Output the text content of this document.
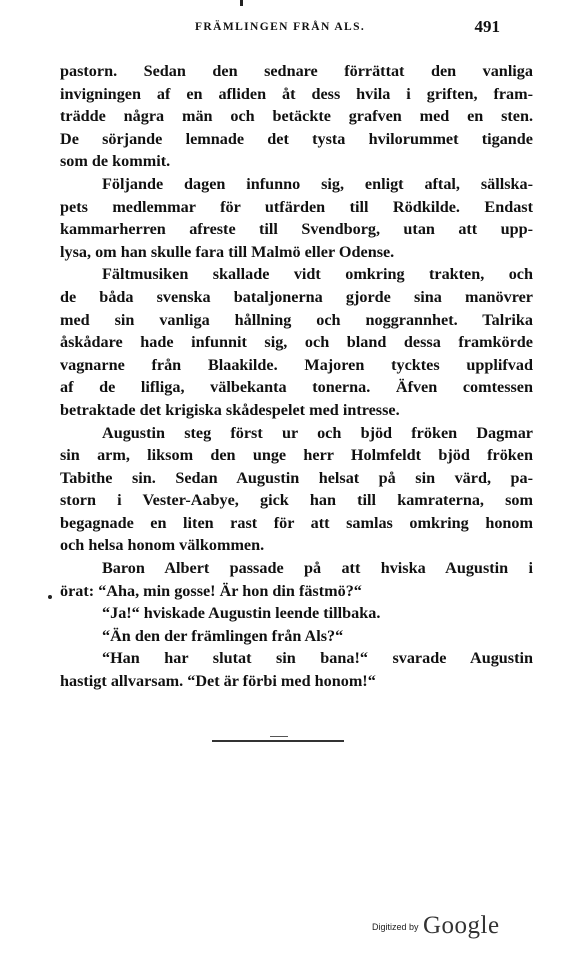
FRÄMLINGEN FRÅN ALS.	491
pastorn. Sedan den sednare förrättat den vanliga
invigningen af en afliden åt dess hvila i griften, fram-
trädde några män och betäckte grafven med en sten.
De sörjande lemnade det tysta hvilorummet tigande
som de kommit.
Följande dagen infunno sig, enligt aftal, sällska-
pets medlemmar för utfärden till Rödkilde. Endast
kammarherren afreste till Svendborg, utan att upp-
lysa, om han skulle fara till Malmö eller Odense.
Fältmusiken skallade vidt omkring trakten, och
de båda svenska bataljonerna gjorde sina manövrer
med sin vanliga hållning och noggrannhet. Talrika
åskådare hade infunnit sig, och bland dessa framkörde
vagnarne från Blaakilde. Majoren tycktes upplifvad
af de lifliga, välbekanta tonerna. Äfven comtessen
betraktade det krigiska skådespelet med intresse.
Augustin steg först ur och bjöd fröken Dagmar
sin arm, liksom den unge herr Holmfeldt bjöd fröken
Tabithe sin. Sedan Augustin helsat på sin värd, pa-
storn i Vester-Aabye, gick han till kamraterna, som
begagnade en liten rast för att samlas omkring honom
och helsa honom välkommen.
Baron Albert passade på att hviska Augustin i
örat: “Aha, min gosse! Är hon din fästmö?“
“Ja!“ hviskade Augustin leende tillbaka.
“Än den der främlingen från Als?“
“Han har slutat sin bana!“ svarade Augustin
hastigt allvarsam. “Det är förbi med honom!“
Digitized by Google
